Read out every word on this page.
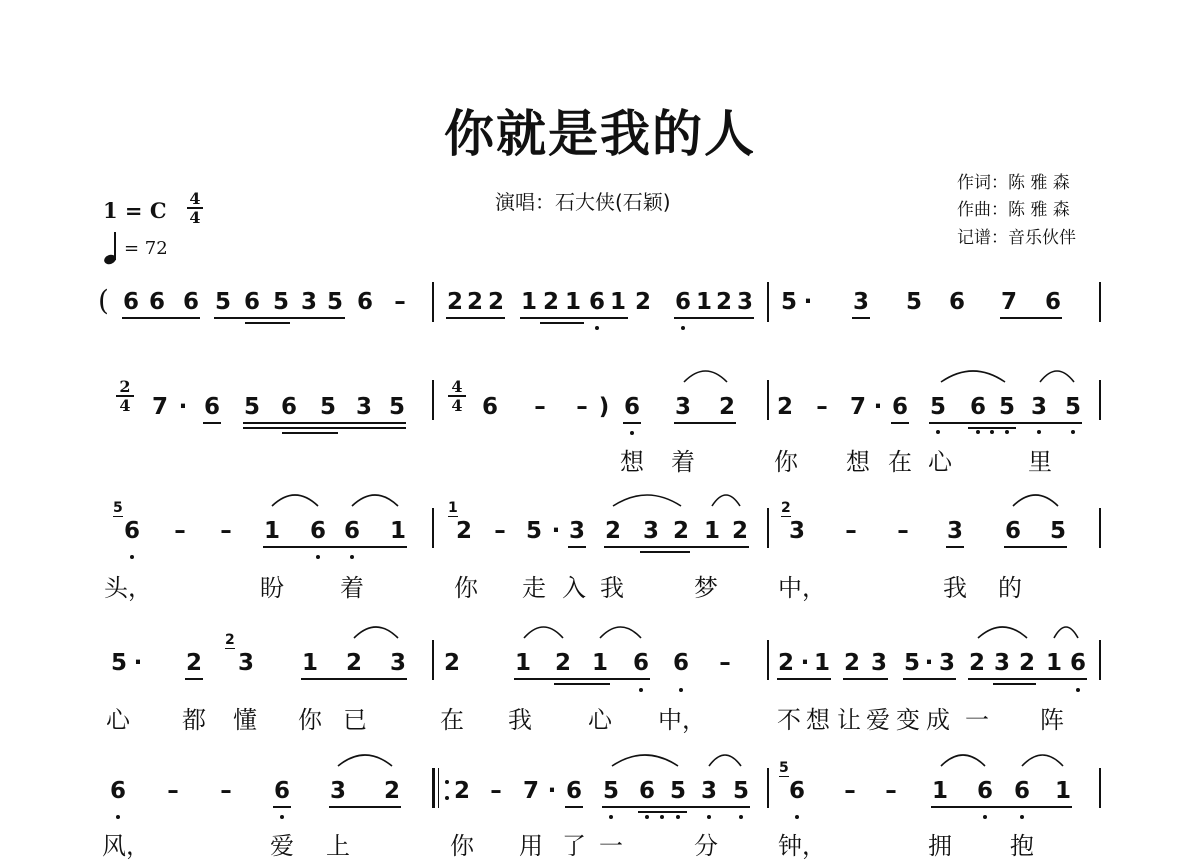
你就是我的人
演唱：石大侠(石颖)
作词：陈 雅 森
作曲：陈 雅 森
记谱：音乐伙伴
1 = C $\frac{4}{4}$
= 72
( 6 6 6 5 6 5 3 5 6 – 2 2 2 1 2 1 6 1 2 6 1 2 3 5 · 3 5 6 7 6
$\frac{2}{4} 7 \cdot 6$ 5 6 5 3 5	$\frac{4}{4} 6$ – – ) 6 3 2 2 – 7 · 6 5 6 5 3 5
想 着	你 想 在 心	里
5
6 – – 1 6 6 1
1
2 – 5 · 3 2 3 2 1 2
2
3 – – 3 6 5
头，	盼 着	你 走 入 我	梦	中，	我 的
5 · 2
2
3 1 2 3 2 1 2 1 6 6 – 2 · 1 2 3 5 · 3 2 3 2 1 6
心 都 懂 你 已	在 我 心 中，	不 想 让 爱 变 成 一 阵
6 – – 6 3 2 2 – 7 · 6 5 6 5 3 5
5
6 – – 1 6 6 1
风，	爱 上	你 用 了 一	分	钟，	拥 抱
